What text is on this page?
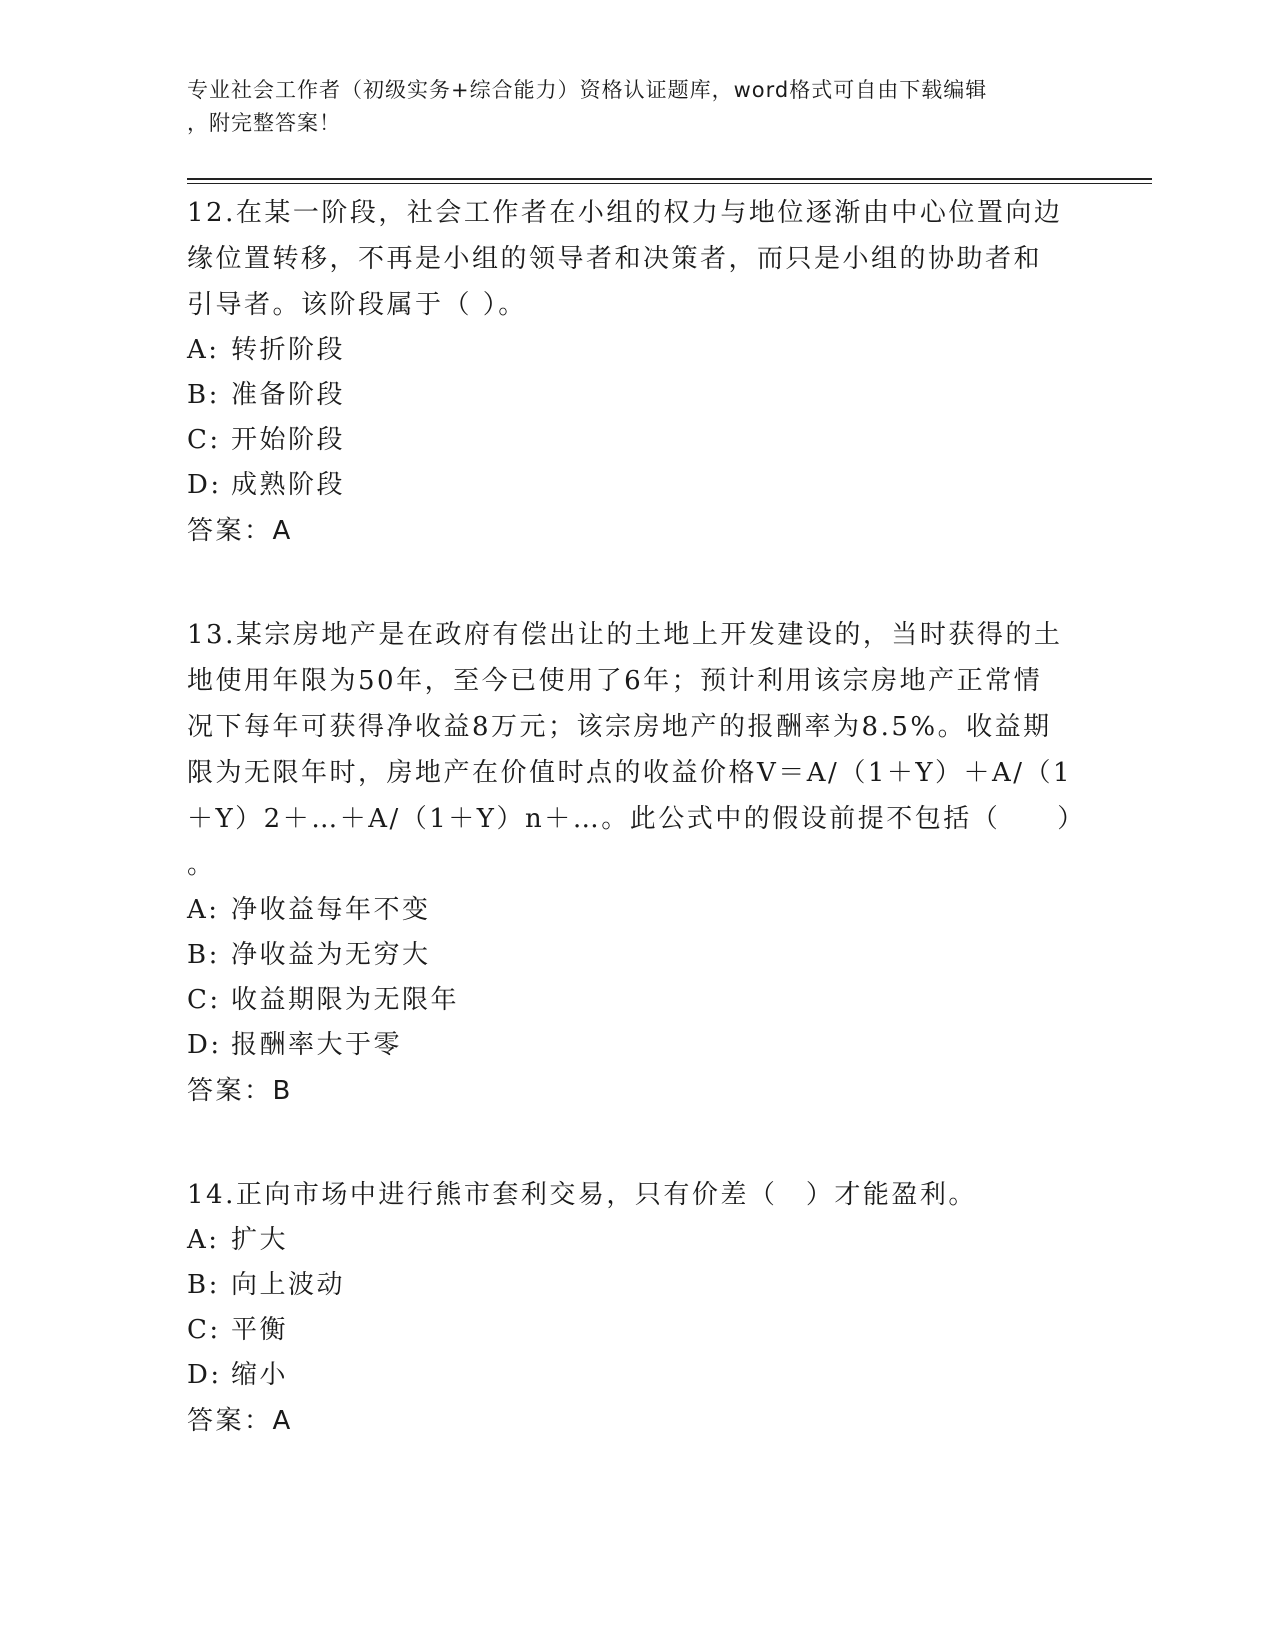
专业社会工作者（初级实务+综合能力）资格认证题库，word格式可自由下载编辑
，附完整答案！

12.在某一阶段，社会工作者在小组的权力与地位逐渐由中心位置向边

缘位置转移，不再是小组的领导者和决策者，而只是小组的协助者和

引导者。该阶段属于（ ）。

A: 转折阶段

B: 准备阶段

C: 开始阶段

D: 成熟阶段

答案：A

13.某宗房地产是在政府有偿出让的土地上开发建设的，当时获得的土

地使用年限为50年，至今已使用了6年；预计利用该宗房地产正常情

况下每年可获得净收益8万元；该宗房地产的报酬率为8.5%。收益期

限为无限年时，房地产在价值时点的收益价格V＝A/（1＋Y）＋A/（1

＋Y）2＋…＋A/（1＋Y）n＋…。此公式中的假设前提不包括（　　）

。

A: 净收益每年不变

B: 净收益为无穷大

C: 收益期限为无限年

D: 报酬率大于零

答案：B

14.正向市场中进行熊市套利交易，只有价差（　）才能盈利。

A: 扩大

B: 向上波动

C: 平衡

D: 缩小

答案：A
